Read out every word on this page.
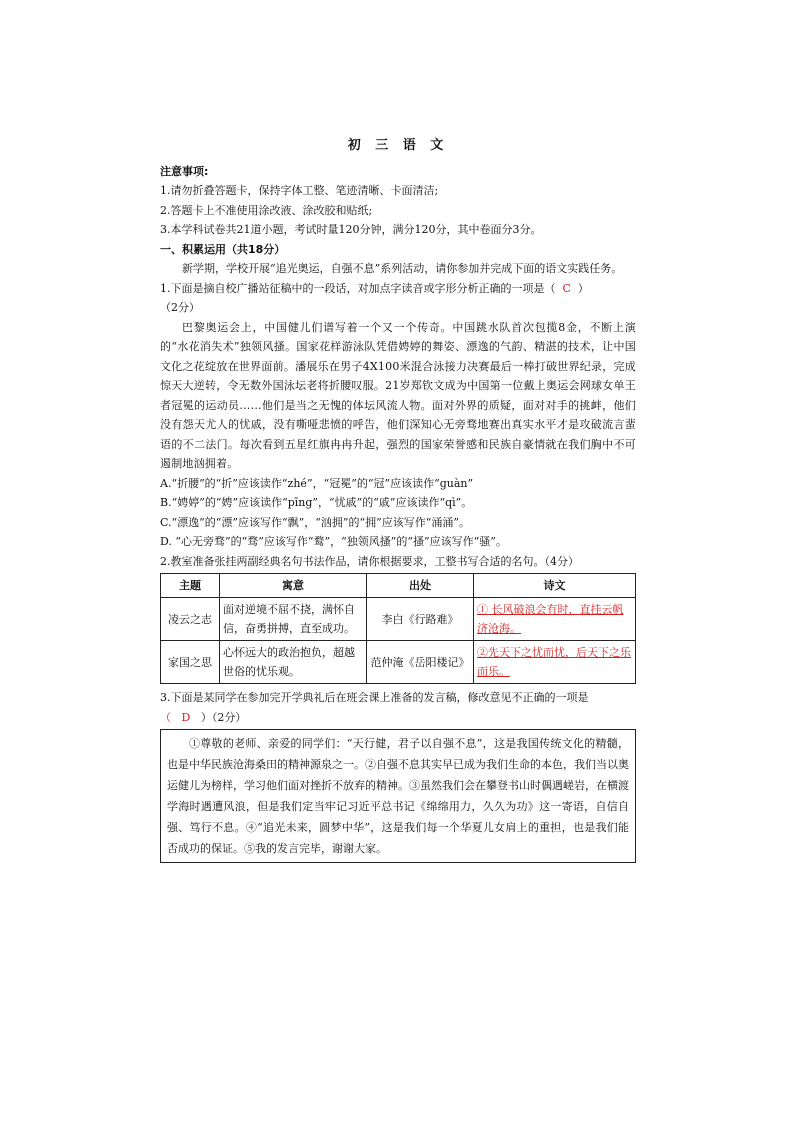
初 三 语 文
注意事项:
1.请勿折叠答题卡，保持字体工整、笔迹清晰、卡面清洁;
2.答题卡上不准使用涂改液、涂改胶和贴纸;
3.本学科试卷共21道小题，考试时量120分钟，满分120分，其中卷面分3分。
一、积累运用（共18分）
新学期，学校开展“追光奥运，自强不息”系列活动，请你参加并完成下面的语文实践任务。
1.下面是摘自校广播站征稿中的一段话，对加点字读音或字形分析正确的一项是（ C ）
（2分）
巴黎奥运会上，中国健儿们谱写着一个又一个传奇。中国跳水队首次包揽8金，不断上演的“水花消失术”独领风搔。国家花样游泳队凭借娉婷的舞姿、漂逸的气韵、精湛的技术，让中国文化之花绽放在世界面前。潘展乐在男子4X100米混合泳接力决赛最后一棒打破世界纪录，完成惊天大逆转，令无数外国泳坛老将折腰叹服。21岁郑钦文成为中国第一位戴上奥运会网球女单王者冠冕的运动员……他们是当之无愧的体坛风流人物。面对外界的质疑，面对对手的挑衅，他们没有怨天尤人的忧戚，没有嘶哑悲愤的呼告，他们深知心无旁骛地赛出真实水平才是攻破流言蜚语的不二法门。每次看到五星红旗冉冉升起，强烈的国家荣誉感和民族自豪情就在我们胸中不可遏制地汹拥着。
A.“折腰”的“折”应该读作“zhé”，“冠冕”的“冠”应该读作“guàn”
B.“娉婷”的“娉”应该读作“pīng”，“忧戚”的“戚”应该读作“qì”。
C.“漂逸”的“漂”应该写作“飘”，“汹拥”的“拥”应该写作“涌涌”。
D. “心无旁骛”的“骛”应该写作“鹜”，“独领风搔”的“搔”应该写作“骚”。
2.教室准备张挂两副经典名句书法作品，请你根据要求，工整书写合适的名句。（4分）
主题	寓意	出处	诗文
凌云之志	面对逆境不屈不挠，满怀自信，奋勇拼搏，直至成功。	李白《行路难》	① 长风破浪会有时，直挂云帆济沧海。
家国之思	心怀远大的政治抱负，超越世俗的忧乐观。	范仲淹《岳阳楼记》	②先天下之忧而忧，后天下之乐而乐。
3.下面是某同学在参加完开学典礼后在班会课上准备的发言稿，修改意见不正确的一项是
（ D ）（2分）
①尊敬的老师、亲爱的同学们：“天行健，君子以自强不息”，这是我国传统文化的精髓，也是中华民族沧海桑田的精神源泉之一。②自强不息其实早已成为我们生命的本色，我们当以奥运健儿为榜样，学习他们面对挫折不放弃的精神。③虽然我们会在攀登书山时偶遇嵯岩，在横渡学海时遇遭风浪，但是我们定当牢记习近平总书记《绵绵用力，久久为功》这一寄语，自信自强、笃行不息。④“追光未来，圆梦中华”，这是我们每一个华夏儿女肩上的重担，也是我们能否成功的保证。⑤我的发言完毕，谢谢大家。
